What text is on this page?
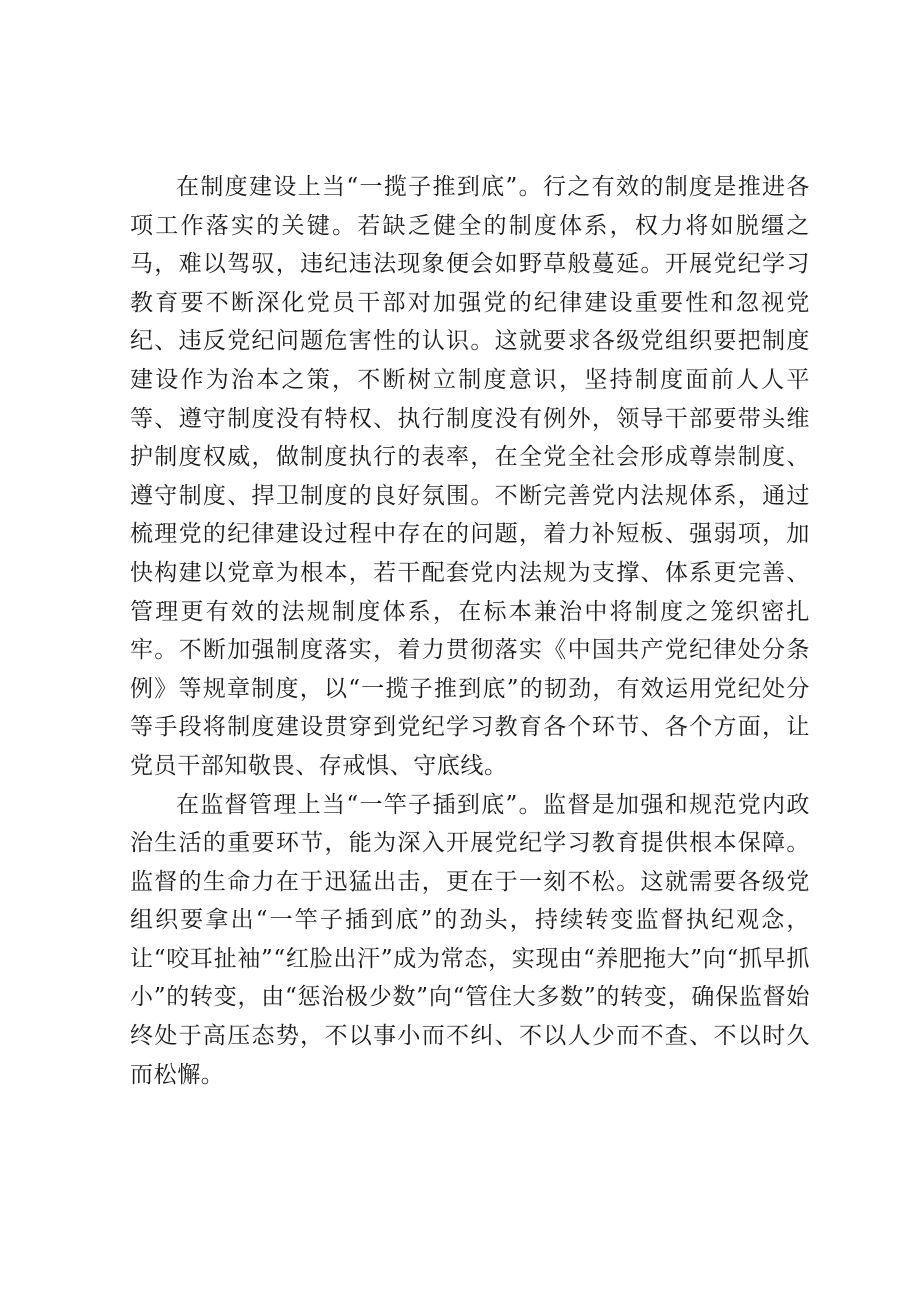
在制度建设上当“一揽子推到底”。行之有效的制度是推进各项工作落实的关键。若缺乏健全的制度体系，权力将如脱缰之马，难以驾驭，违纪违法现象便会如野草般蔓延。开展党纪学习教育要不断深化党员干部对加强党的纪律建设重要性和忽视党纪、违反党纪问题危害性的认识。这就要求各级党组织要把制度建设作为治本之策，不断树立制度意识，坚持制度面前人人平等、遵守制度没有特权、执行制度没有例外，领导干部要带头维护制度权威，做制度执行的表率，在全党全社会形成尊崇制度、遵守制度、捍卫制度的良好氛围。不断完善党内法规体系，通过梳理党的纪律建设过程中存在的问题，着力补短板、强弱项，加快构建以党章为根本，若干配套党内法规为支撑、体系更完善、管理更有效的法规制度体系，在标本兼治中将制度之笼织密扎牢。不断加强制度落实，着力贯彻落实《中国共产党纪律处分条例》等规章制度，以“一揽子推到底”的韧劲，有效运用党纪处分等手段将制度建设贯穿到党纪学习教育各个环节、各个方面，让党员干部知敬畏、存戒惧、守底线。

在监督管理上当“一竿子插到底”。监督是加强和规范党内政治生活的重要环节，能为深入开展党纪学习教育提供根本保障。监督的生命力在于迅猛出击，更在于一刻不松。这就需要各级党组织要拿出“一竿子插到底”的劲头，持续转变监督执纪观念，让“咬耳扯袖”“红脸出汗”成为常态，实现由“养肥拖大”向“抓早抓小”的转变，由“惩治极少数”向“管住大多数”的转变，确保监督始终处于高压态势，不以事小而不纠、不以人少而不查、不以时久而松懈。
